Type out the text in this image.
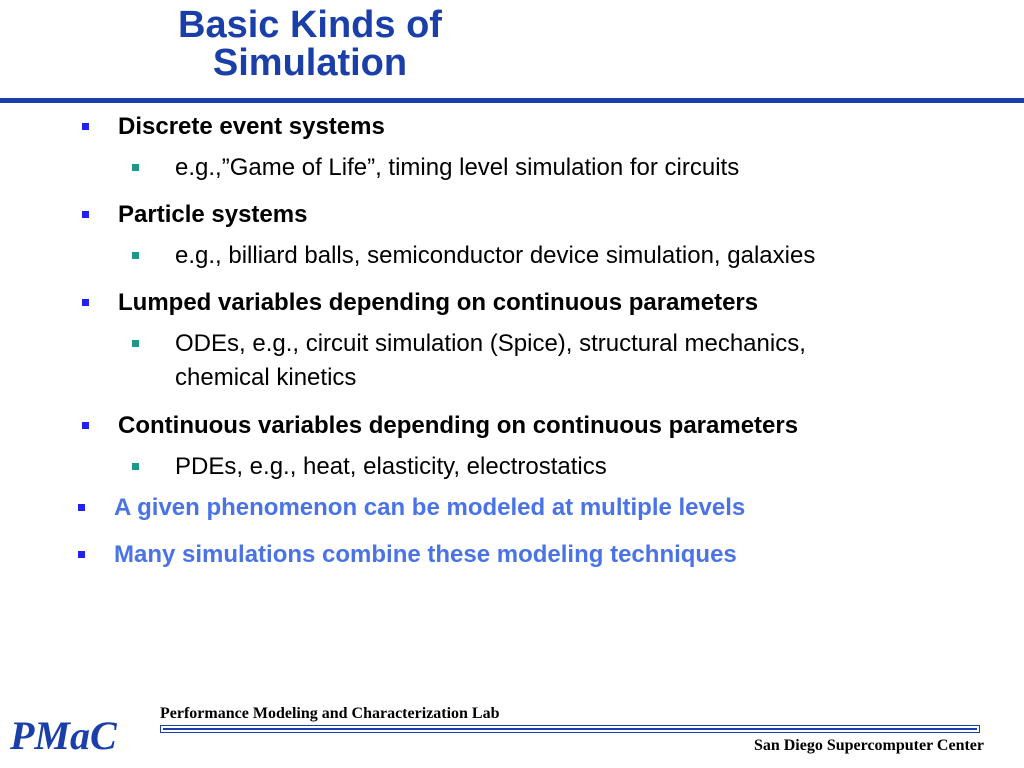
Basic Kinds of
Simulation
Discrete event systems
e.g.,”Game of Life”, timing level simulation for circuits
Particle systems
e.g., billiard balls, semiconductor device simulation, galaxies
Lumped variables depending on continuous parameters
ODEs, e.g., circuit simulation (Spice), structural mechanics,
chemical kinetics
Continuous variables depending on continuous parameters
PDEs, e.g., heat, elasticity, electrostatics
A given phenomenon can be modeled at multiple levels
Many simulations combine these modeling techniques
PMaC	Performance Modeling and Characterization Lab
San Diego Supercomputer Center
